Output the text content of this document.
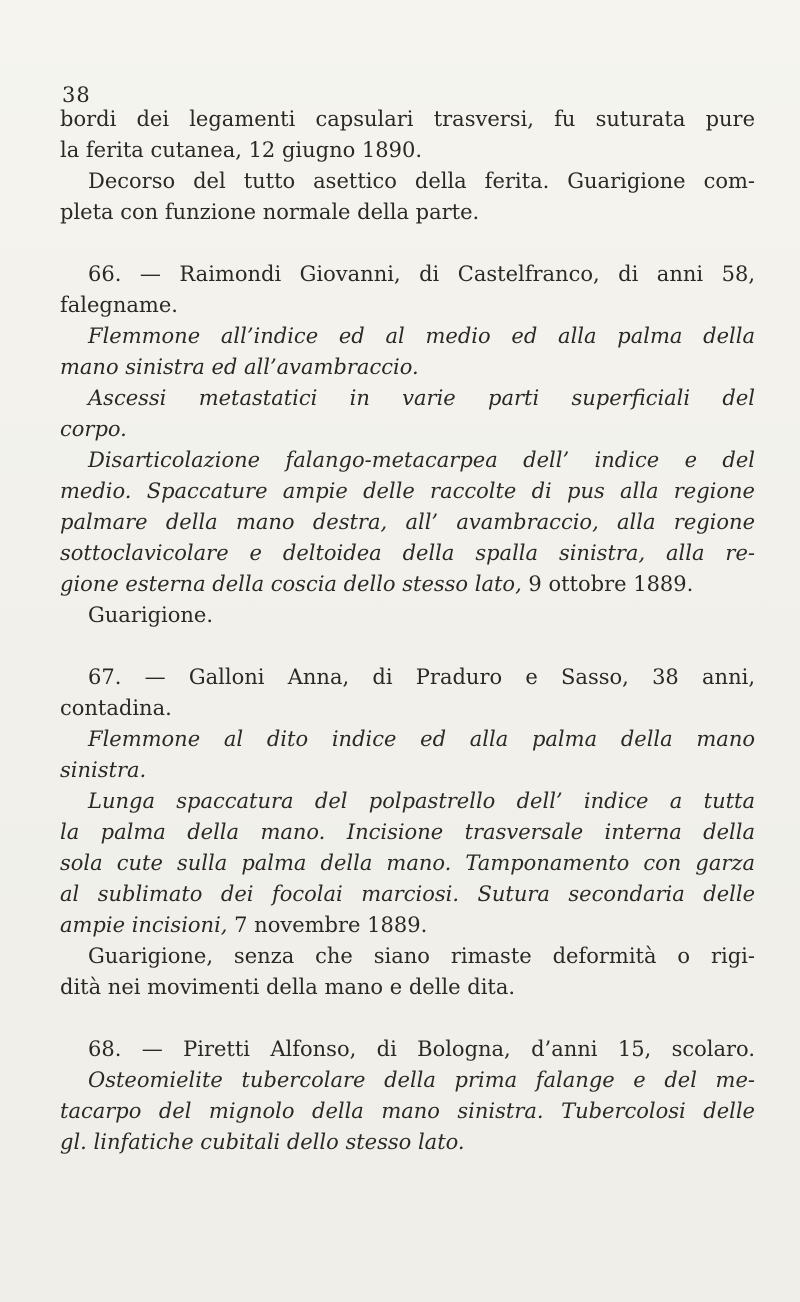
38
bordi dei legamenti capsulari trasversi, fu suturata pure
la ferita cutanea, 12 giugno 1890.
Decorso del tutto asettico della ferita. Guarigione com-
pleta con funzione normale della parte.
66. — Raimondi Giovanni, di Castelfranco, di anni 58,
falegname.
Flemmone all’indice ed al medio ed alla palma della
mano sinistra ed all’avambraccio.
Ascessi metastatici in varie parti superficiali del
corpo.
Disarticolazione falango-metacarpea dell’ indice e del
medio. Spaccature ampie delle raccolte di pus alla regione
palmare della mano destra, all’ avambraccio, alla regione
sottoclavicolare e deltoidea della spalla sinistra, alla re-
gione esterna della coscia dello stesso lato, 9 ottobre 1889.
Guarigione.
67. — Galloni Anna, di Praduro e Sasso, 38 anni,
contadina.
Flemmone al dito indice ed alla palma della mano
sinistra.
Lunga spaccatura del polpastrello dell’ indice a tutta
la palma della mano. Incisione trasversale interna della
sola cute sulla palma della mano. Tamponamento con garza
al sublimato dei focolai marciosi. Sutura secondaria delle
ampie incisioni, 7 novembre 1889.
Guarigione, senza che siano rimaste deformità o rigi-
dità nei movimenti della mano e delle dita.
68. — Piretti Alfonso, di Bologna, d’anni 15, scolaro.
Osteomielite tubercolare della prima falange e del me-
tacarpo del mignolo della mano sinistra. Tubercolosi delle
gl. linfatiche cubitali dello stesso lato.
